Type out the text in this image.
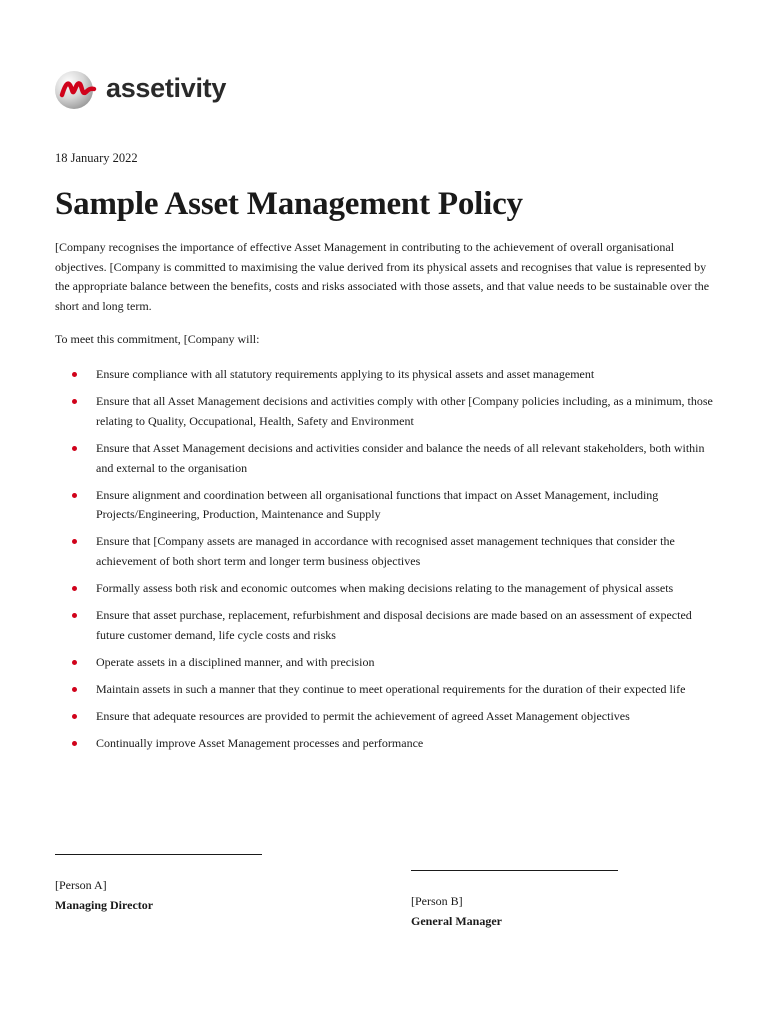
assetivity
18 January 2022
Sample Asset Management Policy

[Company recognises the importance of effective Asset Management in contributing to the achievement of overall organisational objectives. [Company is committed to maximising the value derived from its physical assets and recognises that value is represented by the appropriate balance between the benefits, costs and risks associated with those assets, and that value needs to be sustainable over the short and long term.

To meet this commitment, [Company will:

Ensure compliance with all statutory requirements applying to its physical assets and asset management
Ensure that all Asset Management decisions and activities comply with other [Company policies including, as a minimum, those relating to Quality, Occupational, Health, Safety and Environment
Ensure that Asset Management decisions and activities consider and balance the needs of all relevant stakeholders, both within and external to the organisation
Ensure alignment and coordination between all organisational functions that impact on Asset Management, including Projects/Engineering, Production, Maintenance and Supply
Ensure that [Company assets are managed in accordance with recognised asset management techniques that consider the achievement of both short term and longer term business objectives
Formally assess both risk and economic outcomes when making decisions relating to the management of physical assets
Ensure that asset purchase, replacement, refurbishment and disposal decisions are made based on an assessment of expected future customer demand, life cycle costs and risks
Operate assets in a disciplined manner, and with precision
Maintain assets in such a manner that they continue to meet operational requirements for the duration of their expected life
Ensure that adequate resources are provided to permit the achievement of agreed Asset Management objectives
Continually improve Asset Management processes and performance
[Person A]
Managing Director	[Person B]
General Manager
